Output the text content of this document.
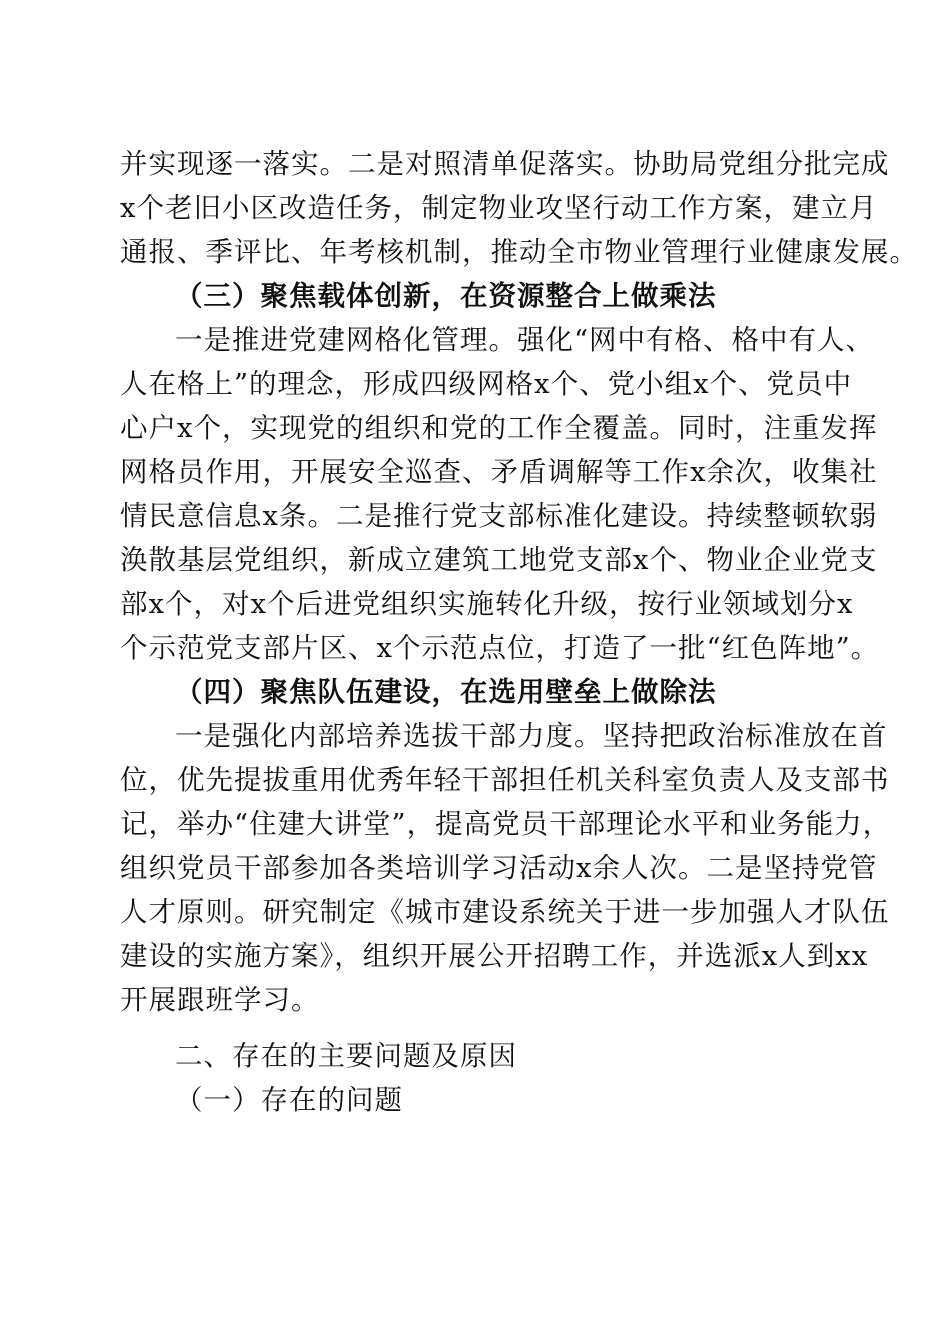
并实现逐一落实。二是对照清单促落实。协助局党组分批完成
x个老旧小区改造任务，制定物业攻坚行动工作方案，建立月
通报、季评比、年考核机制，推动全市物业管理行业健康发展。
（三）聚焦载体创新，在资源整合上做乘法
一是推进党建网格化管理。强化“网中有格、格中有人、
人在格上”的理念，形成四级网格x个、党小组x个、党员中
心户x个，实现党的组织和党的工作全覆盖。同时，注重发挥
网格员作用，开展安全巡查、矛盾调解等工作x余次，收集社
情民意信息x条。二是推行党支部标准化建设。持续整顿软弱
涣散基层党组织，新成立建筑工地党支部x个、物业企业党支
部x个，对x个后进党组织实施转化升级，按行业领域划分x
个示范党支部片区、x个示范点位，打造了一批“红色阵地”。
（四）聚焦队伍建设，在选用壁垒上做除法
一是强化内部培养选拔干部力度。坚持把政治标准放在首
位，优先提拔重用优秀年轻干部担任机关科室负责人及支部书
记，举办“住建大讲堂”，提高党员干部理论水平和业务能力，
组织党员干部参加各类培训学习活动x余人次。二是坚持党管
人才原则。研究制定《城市建设系统关于进一步加强人才队伍
建设的实施方案》，组织开展公开招聘工作，并选派x人到xx
开展跟班学习。
二、存在的主要问题及原因
（一）存在的问题
